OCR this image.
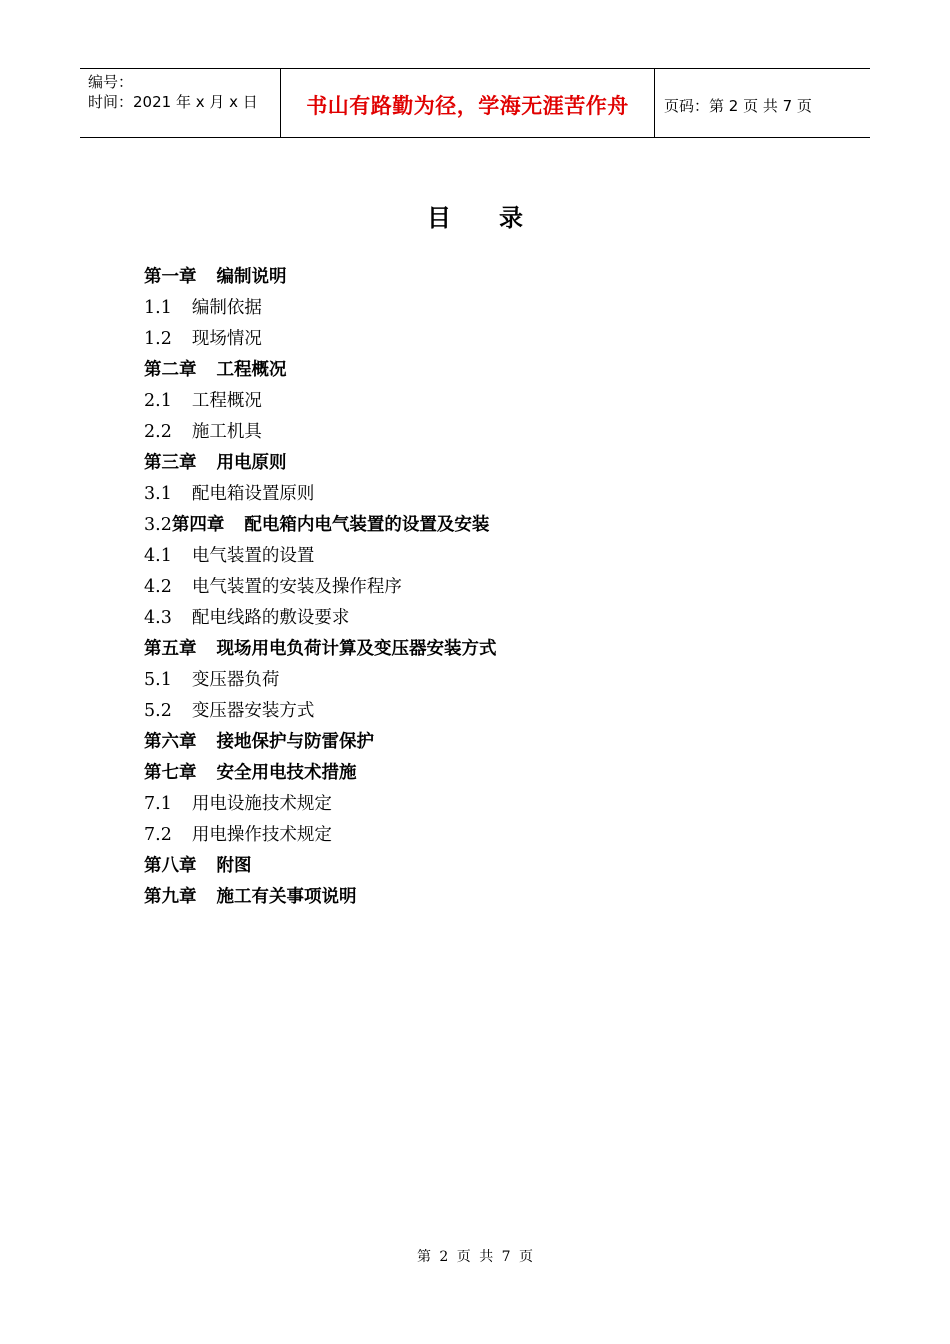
编号：
时间：2021 年 x 月 x 日	书山有路勤为径，学海无涯苦作舟 页码：第 2 页 共 7 页
目录
第一章 编制说明
1.1 编制依据
1.2 现场情况
第二章 工程概况
2.1 工程概况
2.2 施工机具
第三章 用电原则
3.1 配电箱设置原则
3.2第四章 配电箱内电气装置的设置及安装
4.1 电气装置的设置
4.2 电气装置的安装及操作程序
4.3 配电线路的敷设要求
第五章 现场用电负荷计算及变压器安装方式
5.1 变压器负荷
5.2 变压器安装方式
第六章 接地保护与防雷保护
第七章 安全用电技术措施
7.1 用电设施技术规定
7.2 用电操作技术规定
第八章 附图
第九章 施工有关事项说明
第 2 页 共 7 页
